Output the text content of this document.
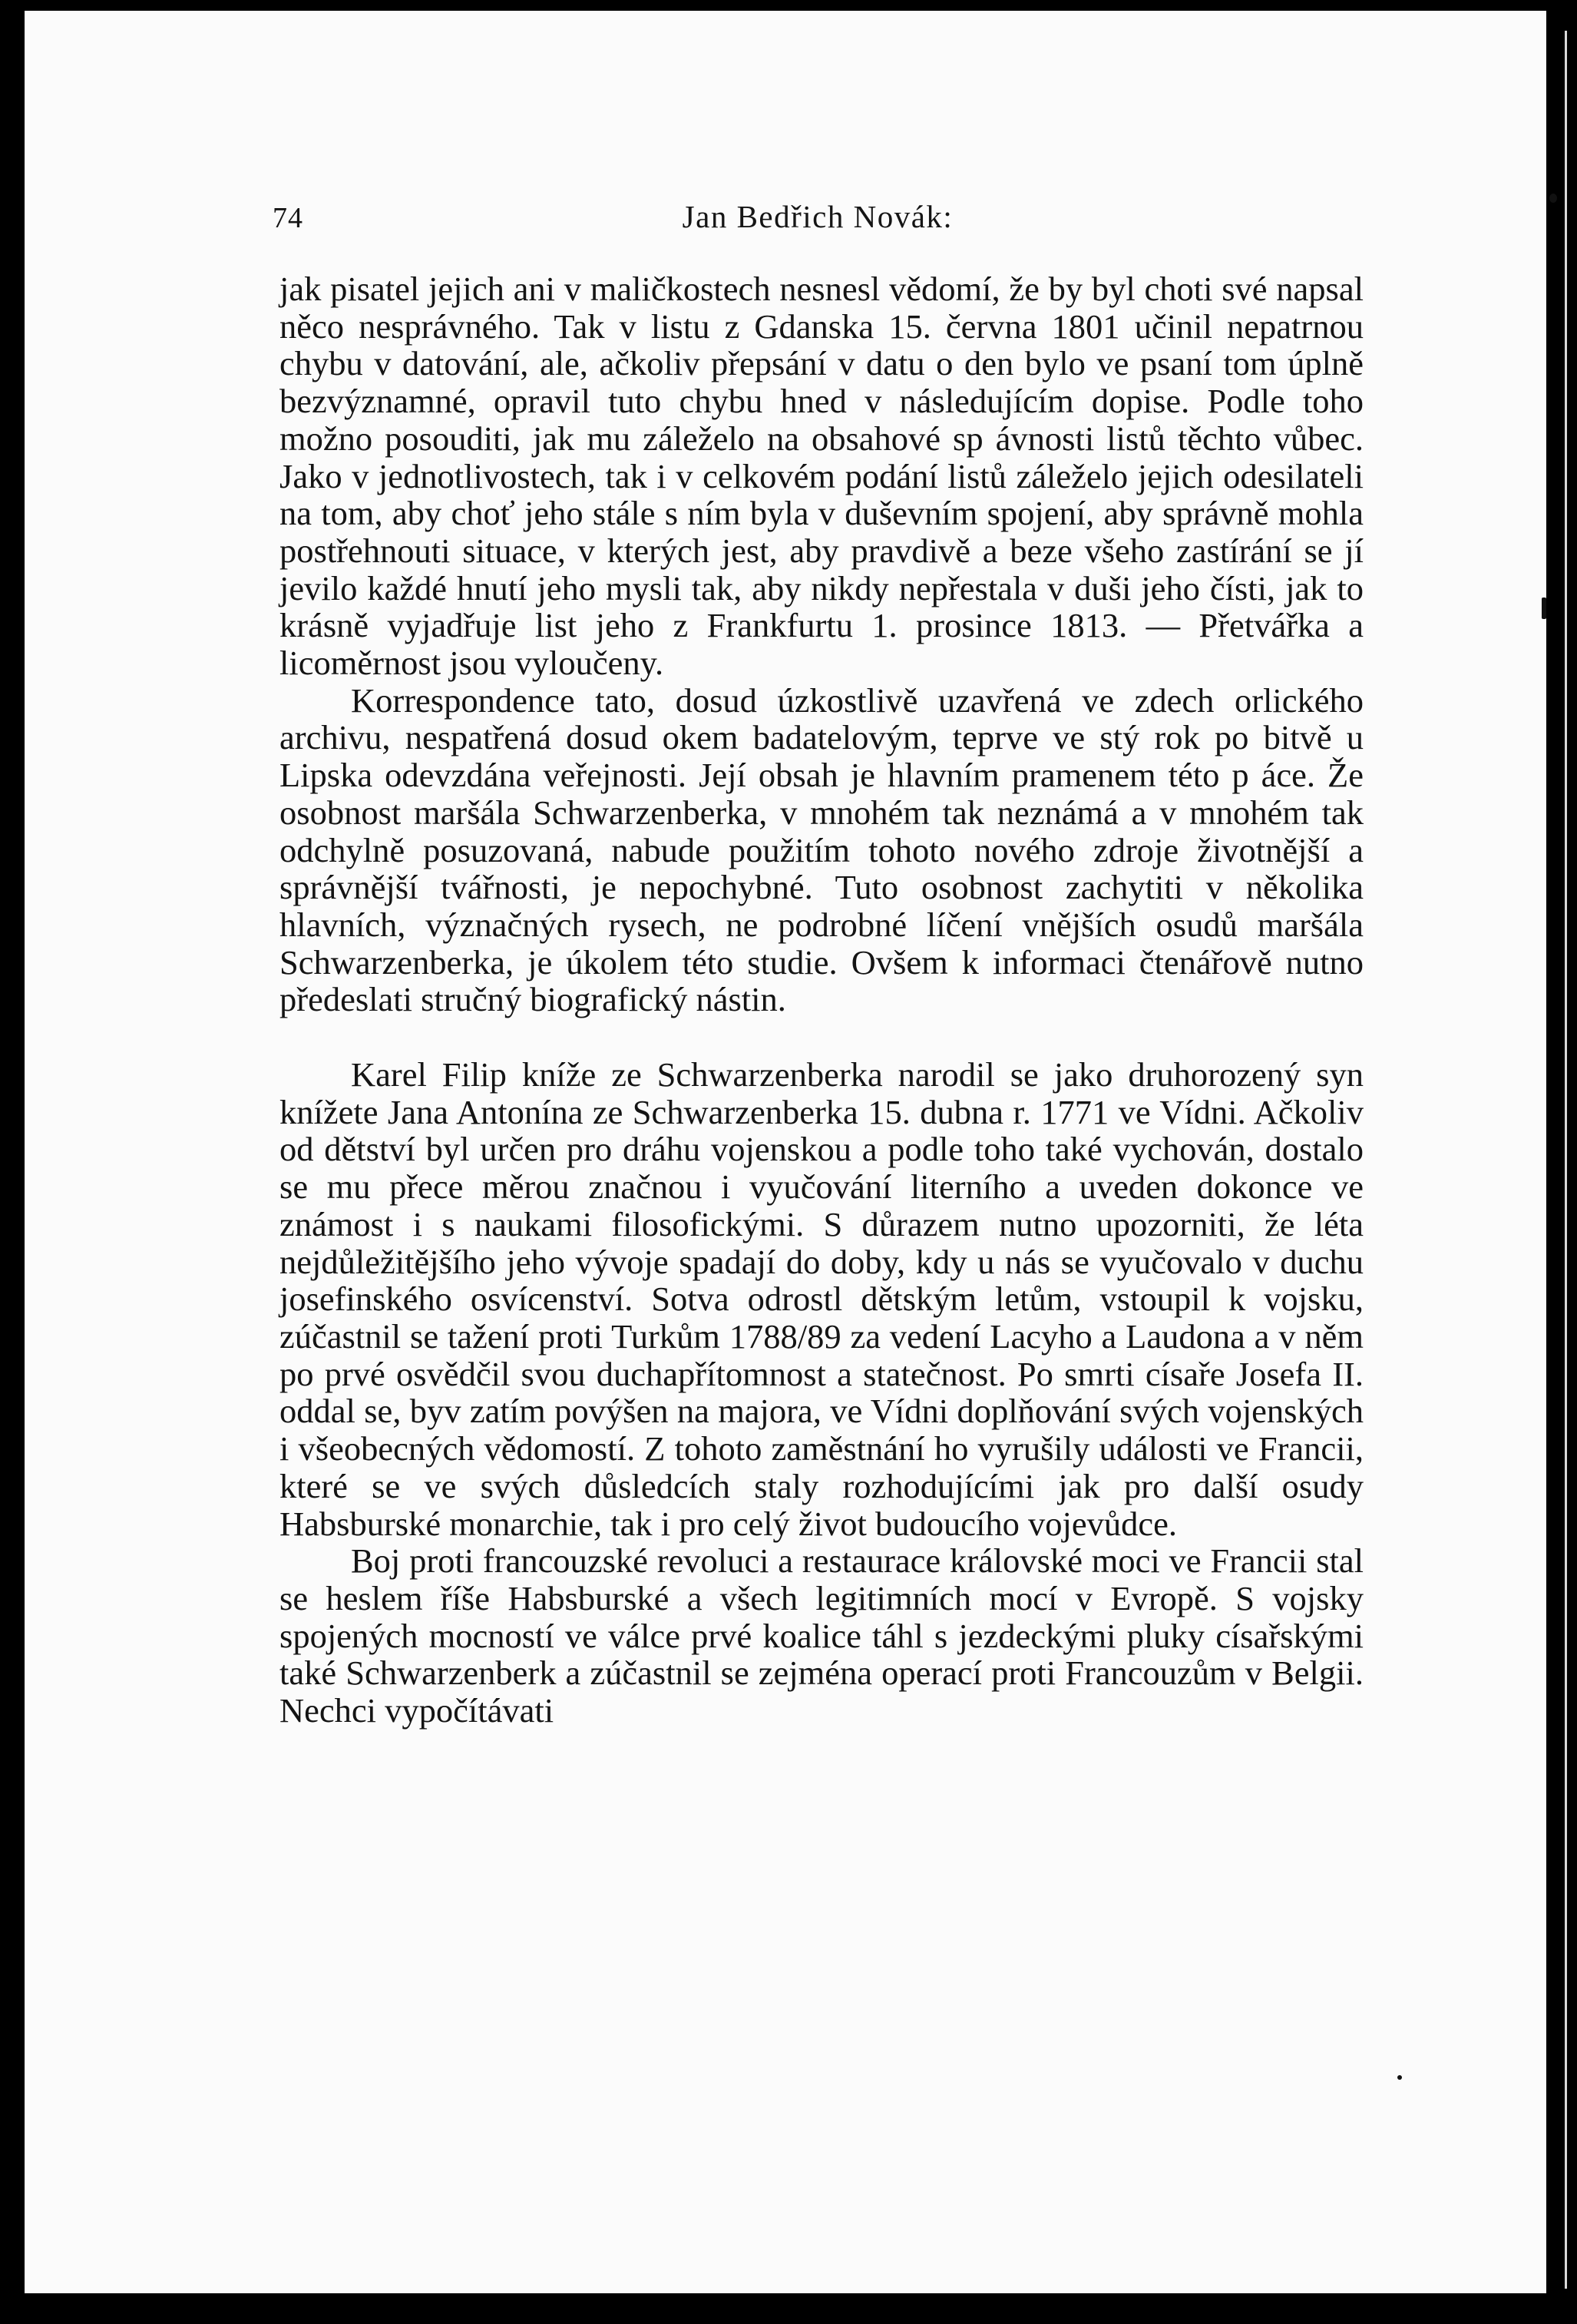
74	Jan Bedřich Novák:

jak pisatel jejich ani v maličkostech nesnesl vědomí, že by byl choti své napsal něco nesprávného. Tak v listu z Gdanska 15. června 1801 učinil nepatrnou chybu v datování, ale, ačkoliv přepsání v datu o den bylo ve psaní tom úplně bezvýznamné, opravil tuto chybu hned v následujícím dopise. Podle toho možno posouditi, jak mu záleželo na obsahové sp ávnosti listů těchto vůbec. Jako v jednotlivostech, tak i v celkovém podání listů záleželo jejich odesilateli na tom, aby choť jeho stále s ním byla v duševním spojení, aby správně mohla postřehnouti situace, v kterých jest, aby pravdivě a beze všeho zastírání se jí jevilo každé hnutí jeho mysli tak, aby nikdy nepřestala v duši jeho čísti, jak to krásně vyjadřuje list jeho z Frankfurtu 1. prosince 1813. — Přetvářka a licoměrnost jsou vyloučeny.

Korrespondence tato, dosud úzkostlivě uzavřená ve zdech orlického archivu, nespatřená dosud okem badatelovým, teprve ve stý rok po bitvě u Lipska odevzdána veřejnosti. Její obsah je hlavním pramenem této p áce. Že osobnost maršála Schwarzenberka, v mnohém tak neznámá a v mnohém tak odchylně posuzovaná, nabude použitím tohoto nového zdroje životnější a správnější tvářnosti, je nepochybné. Tuto osobnost zachytiti v několika hlavních, význačných rysech, ne podrobné líčení vnějších osudů maršála Schwarzenberka, je úkolem této studie. Ovšem k informaci čtenářově nutno předeslati stručný biografický nástin.

Karel Filip kníže ze Schwarzenberka narodil se jako druhorozený syn knížete Jana Antonína ze Schwarzenberka 15. dubna r. 1771 ve Vídni. Ačkoliv od dětství byl určen pro dráhu vojenskou a podle toho také vychován, dostalo se mu přece měrou značnou i vyučování literního a uveden dokonce ve známost i s naukami filosofickými. S důrazem nutno upozorniti, že léta nejdůležitějšího jeho vývoje spadají do doby, kdy u nás se vyučovalo v duchu josefinského osvícenství. Sotva odrostl dětským letům, vstoupil k vojsku, zúčastnil se tažení proti Turkům 1788/89 za vedení Lacyho a Laudona a v něm po prvé osvědčil svou duchapřítomnost a statečnost. Po smrti císaře Josefa II. oddal se, byv zatím povýšen na majora, ve Vídni doplňování svých vojenských i všeobecných vědomostí. Z tohoto zaměstnání ho vyrušily události ve Francii, které se ve svých důsledcích staly rozhodujícími jak pro další osudy Habsburské monarchie, tak i pro celý život budoucího vojevůdce.

Boj proti francouzské revoluci a restaurace královské moci ve Francii stal se heslem říše Habsburské a všech legitimních mocí v Evropě. S vojsky spojených mocností ve válce prvé koalice táhl s jezdeckými pluky císařskými také Schwarzenberk a zúčastnil se zejména operací proti Francouzům v Belgii. Nechci vypočítávati
